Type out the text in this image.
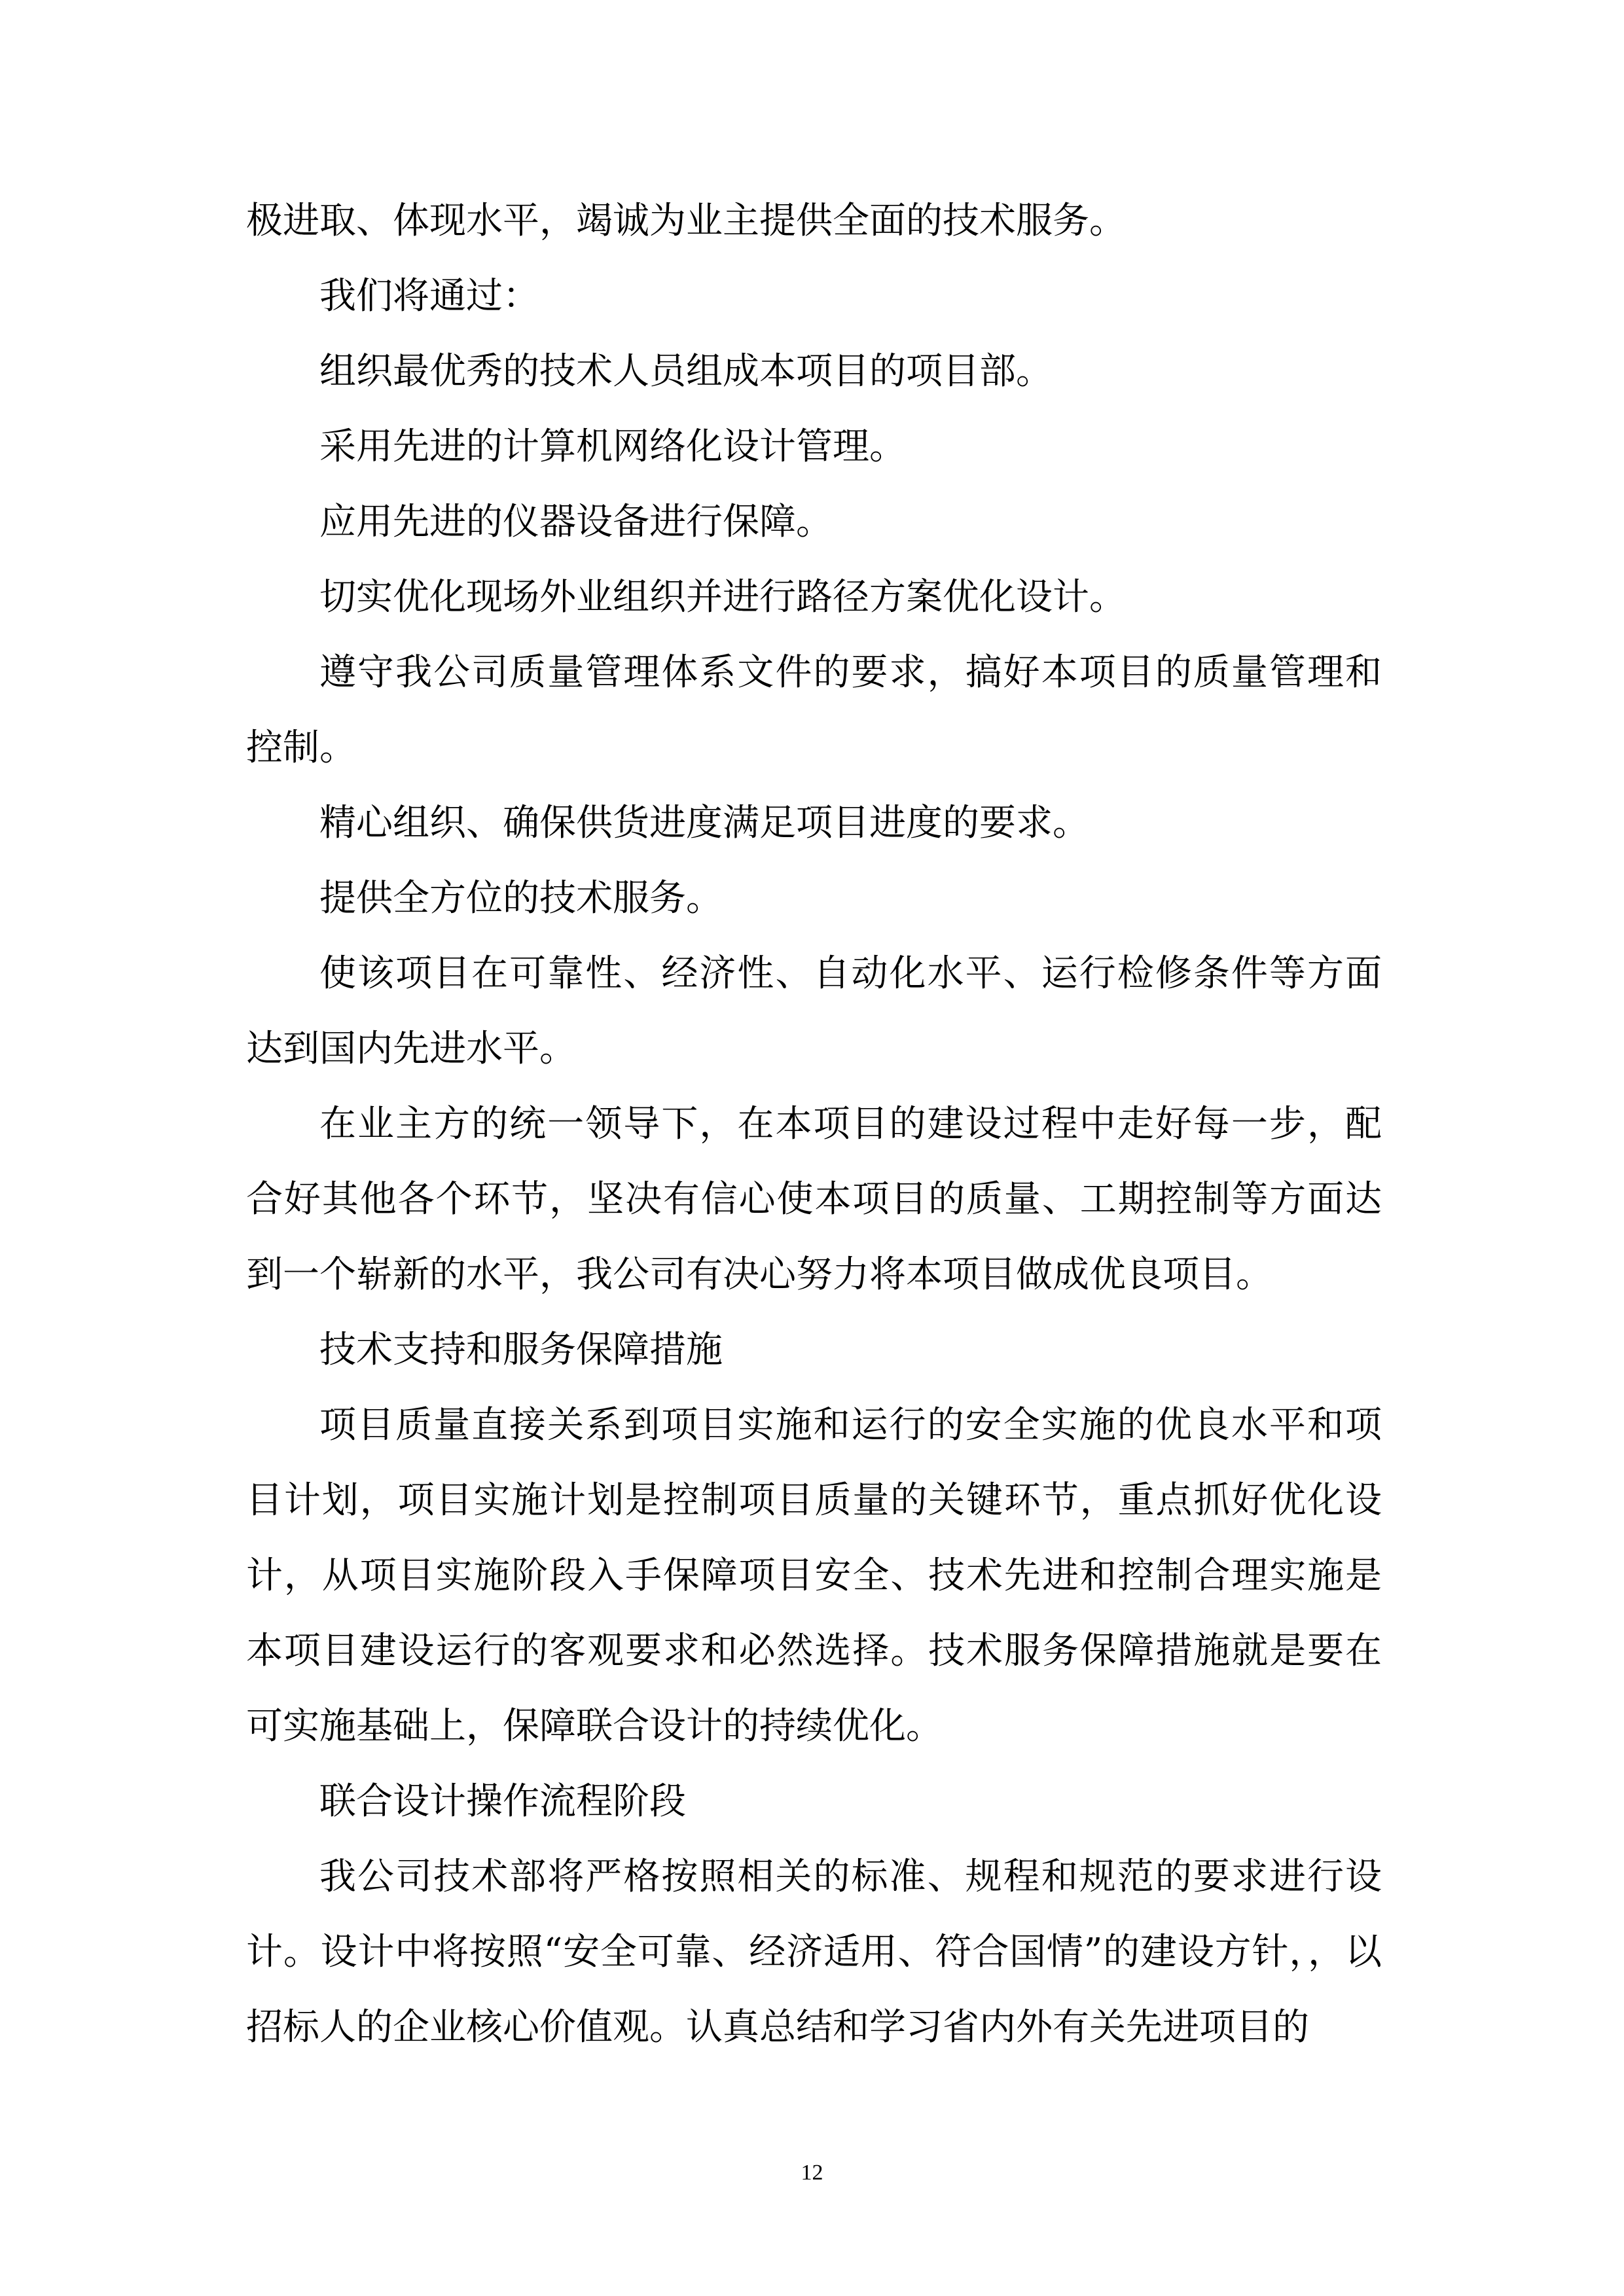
极进取、体现水平，竭诚为业主提供全面的技术服务。

我们将通过：

组织最优秀的技术人员组成本项目的项目部。

采用先进的计算机网络化设计管理。

应用先进的仪器设备进行保障。

切实优化现场外业组织并进行路径方案优化设计。

遵守我公司质量管理体系文件的要求，搞好本项目的质量管理和控制。

精心组织、确保供货进度满足项目进度的要求。

提供全方位的技术服务。

使该项目在可靠性、经济性、自动化水平、运行检修条件等方面达到国内先进水平。

在业主方的统一领导下，在本项目的建设过程中走好每一步，配合好其他各个环节，坚决有信心使本项目的质量、工期控制等方面达到一个崭新的水平，我公司有决心努力将本项目做成优良项目。

技术支持和服务保障措施

项目质量直接关系到项目实施和运行的安全实施的优良水平和项目计划，项目实施计划是控制项目质量的关键环节，重点抓好优化设计，从项目实施阶段入手保障项目安全、技术先进和控制合理实施是本项目建设运行的客观要求和必然选择。技术服务保障措施就是要在可实施基础上，保障联合设计的持续优化。

联合设计操作流程阶段

我公司技术部将严格按照相关的标准、规程和规范的要求进行设计。设计中将按照“安全可靠、经济适用、符合国情”的建设方针，，以招标人的企业核心价值观。认真总结和学习省内外有关先进项目的

12
